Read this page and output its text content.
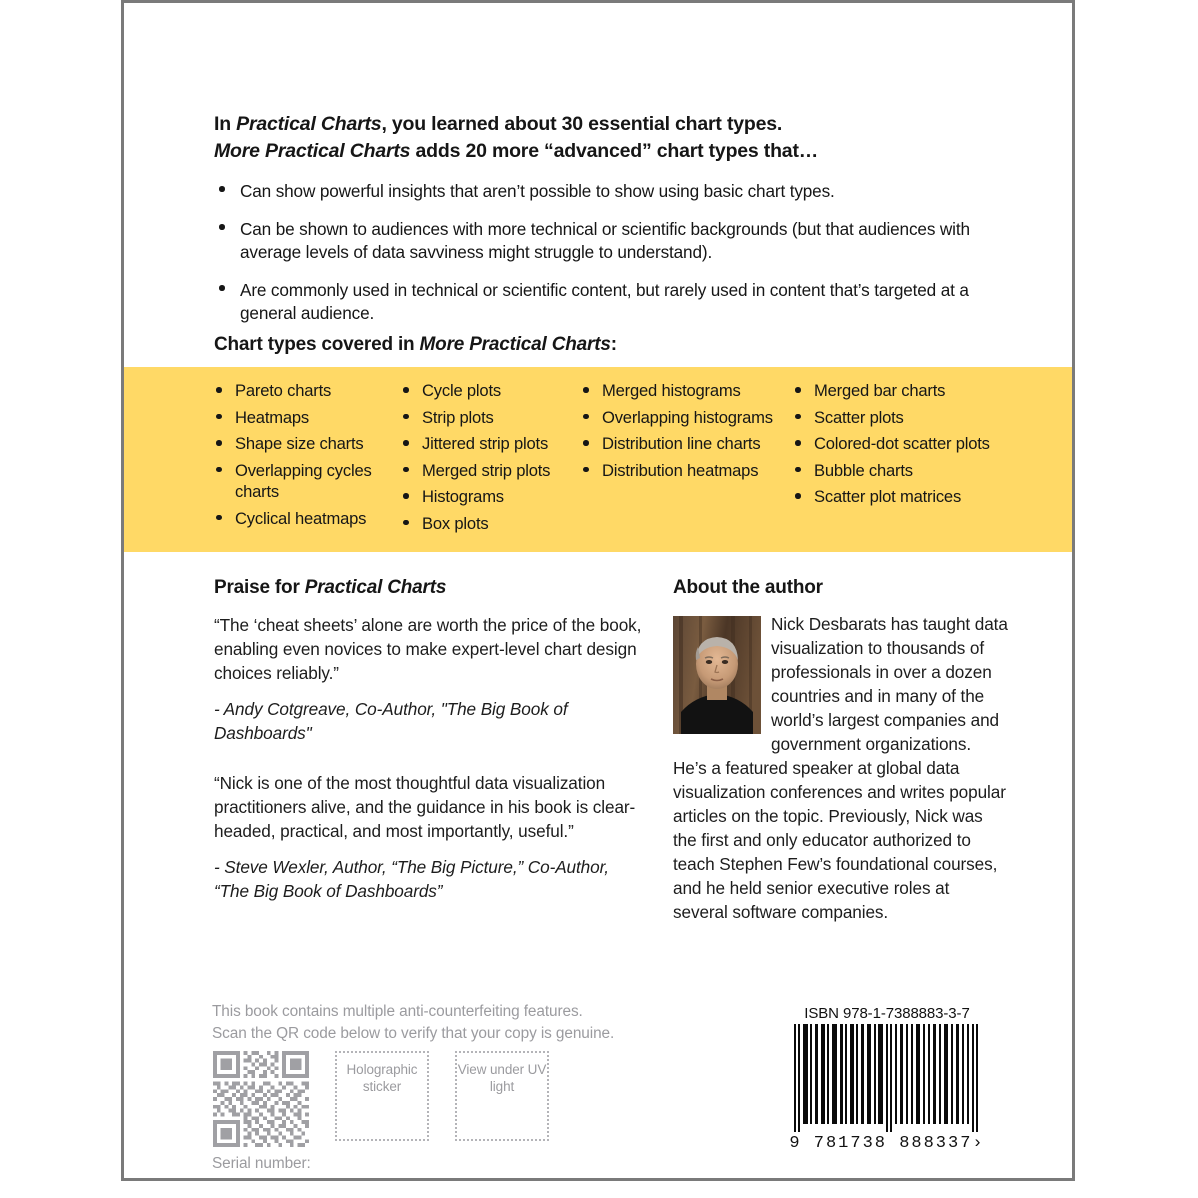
In Practical Charts, you learned about 30 essential chart types.
More Practical Charts adds 20 more “advanced” chart types that…
Can show powerful insights that aren’t possible to show using basic chart types.
Can be shown to audiences with more technical or scientific backgrounds (but that audiences with average levels of data savviness might struggle to understand).
Are commonly used in technical or scientific content, but rarely used in content that’s targeted at a general audience.
Chart types covered in More Practical Charts:
Pareto charts
Heatmaps
Shape size charts
Overlapping cycles charts
Cyclical heatmaps
Cycle plots
Strip plots
Jittered strip plots
Merged strip plots
Histograms
Box plots
Merged histograms
Overlapping histograms
Distribution line charts
Distribution heatmaps
Merged bar charts
Scatter plots
Colored-dot scatter plots
Bubble charts
Scatter plot matrices
Praise for Practical Charts
“The ‘cheat sheets’ alone are worth the price of the book, enabling even novices to make expert-level chart design choices reliably.”
- Andy Cotgreave, Co-Author, "The Big Book of Dashboards"
“Nick is one of the most thoughtful data visualization practitioners alive, and the guidance in his book is clear-headed, practical, and most importantly, useful.”
- Steve Wexler, Author, “The Big Picture,” Co-Author, “The Big Book of Dashboards”
About the author
Nick Desbarats has taught data visualization to thousands of professionals in over a dozen countries and in many of the world’s largest companies and government organizations. He’s a featured speaker at global data visualization conferences and writes popular articles on the topic. Previously, Nick was the first and only educator authorized to teach Stephen Few’s foundational courses, and he held senior executive roles at several software companies.
This book contains multiple anti-counterfeiting features.
Scan the QR code below to verify that your copy is genuine.
Holographic sticker
View under UV light
Serial number:
ISBN 978-1-7388883-3-7
9 781738 888337›
